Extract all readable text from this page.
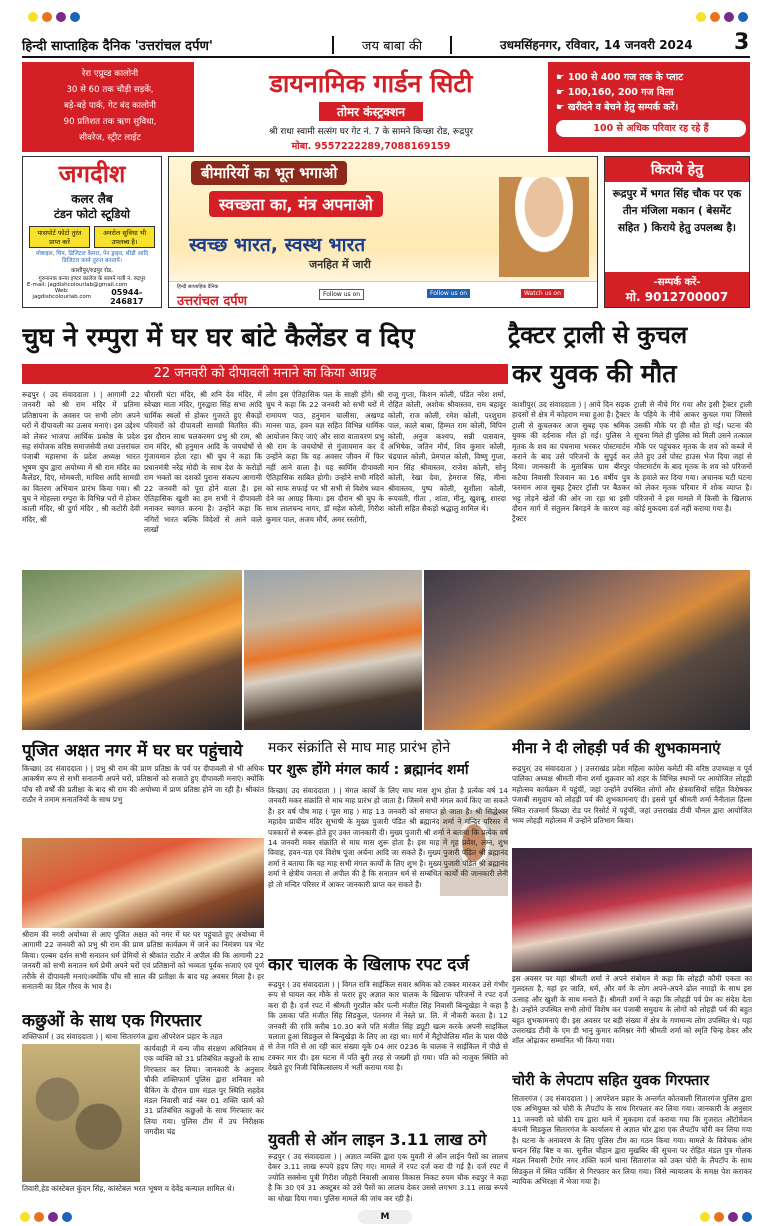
हिन्दी साप्ताहिक दैनिक 'उत्तरांचल दर्पण'	जय बाबा की	उधमसिंहनगर, रविवार, 14 जनवरी 2024 3
रेरा एप्रूव्ड कालोनी
30 से 60 तक चौड़ी सड़कें,
बड़े-बड़े पार्क, गेट बंद कालोनी
90 प्रतिशत तक ऋण सुविधा,
सीवरेज, स्ट्रीट लाईट
डायनामिक गार्डन सिटी
तोमर कंस्ट्रक्शन
श्री राधा स्वामी सत्संग घर गेट नं. 7 के सामने किच्छा रोड, रूद्रपुर
मोबा. 9557222289,7088169159
☛ 100 से 400 गज तक के प्लाट
☛ 100,160, 200 गज विला
☛ खरीदने व बेचने हेतु सम्पर्क करें।
100 से अधिक परिवार रह रहे हैं
जगदीश
कलर लैब
टंडन फोटो स्टूडियो
पासपोर्ट फोटो तुरंत प्राप्त करें
अनरोल सुविधा भी उपलब्ध है।
मोबाइल, चिप, डिजिटल कैमरा, पेन ड्राइव, सीडी आदि डिजिटल फार्म तुरन्त बनवायें।
काशीपुर/रुद्रपुर रोड,
गुरुनानक कन्या इण्टर कालेज के सामने गली नं. रुद्रपुर
E-mail: jagdishcolourlab@gmail.com
Web: jagdishcolourlab.com	05944-246817
बीमारियों का भूत भगाओ
स्वच्छता का, मंत्र अपनाओ
स्वच्छ भारत, स्वस्थ भारत
जनहित में जारी
हिन्दी साप्ताहिक दैनिक
उत्तरांचल दर्पण	Follow us on	Follow us on	Watch us on
किराये हेतु
रूद्रपुर में भगत सिंह चौक पर एक तीन मंजिला मकान ( बेसमेंट सहित ) किराये हेतु उपलब्ध है।
-सम्पर्क करें-
मो. 9012700007
चुघ ने रम्पुरा में घर घर बांटे कैलेंडर व दिए
22 जनवरी को दीपावली मनाने का किया आग्रह
ट्रैक्टर ट्राली से कुचल
कर युवक की मौत
रूद्रपुर ( उद संवाददाता ) | आगामी 22 जनवरी को श्री राम मंदिर में प्रतिमा प्रतिष्ठापना के अवसर पर सभी लोग अपने घरों में दीपावली का उत्सव मनाएं। इस उद्देश्य को लेकर भाजपा आर्थिक प्रकोष्ठ के प्रदेश सह संयोजक वरिष्ठ समाजसेवी तथा उत्तरांचल पंजाबी महासभा के प्रदेश अध्यक्ष भारत भूषण चुघ द्वारा अयोध्या में श्री राम मंदिर का कैलेंडर, दिए, मोमबत्ती, माचिस आदि सामग्री का वितरण अभियान प्रारंभ किया गया। श्री चुघ ने मोहल्ला रम्पुरा के विभिन्न घरों में होकर काली मंदिर, श्री दुर्गा मंदिर , श्री कटोरी देवी मंदिर, श्री
चौरासी घंटा मंदिर, श्री शनि देव मंदिर, में स्वेच्छा माता मंदिर, गुरुद्वारा सिंह सभा आदि धार्मिक स्थलों से होकर गुजरते हुए सैकड़ों परिवारों को दीपावली सामग्री वितरित की। इस दौरान साथ चलकरमग प्रभु श्री राम, श्री राम मंदिर, श्री हनुमान आदि के जयघोषों से गुंजायमान होता रहा। श्री चुघ ने कहा कि प्रधानमंत्री नरेंद्र मोदी के साथ देश के करोड़ों राम भक्तों का दशकों पुराना संकल्प आगामी 22 जनवरी को पूरा होने वाला है। इस ऐतिहासिक खुशी का हम सभी ने दीपावली मनाकर स्वागत करना है। उन्होंने कहा कि नगिरों भारत बल्कि विदेशों से आने वाले लाखों
लोग इस ऐतिहासिक पल के साक्षी होंगे। श्री चुघ ने कहा कि 22 जनवरी को सभी घरों में रामायण पाठ, हनुमान चालीसा, अखण्ड मानस पाठ, हवन यज्ञ सहित विभिन्न धार्मिक आयोजन किए जाएं और सारा वातावरण प्रभु श्री राम के जयघोषों से गुंजायमान कर दें उन्होंने कहा कि यह अवसर जीवन में फिर नहीं आने वाला है। यह स्वर्णिम दीपावली ऐतिहासिक साबित होगी। उन्होंने सभी मंदिरों को साफ सफाई पर भी सभी से विशेष ध्यान देने का आग्रह किया। इस दौरान श्री चुघ के साथ लालचन्द नागर, डॉ महेश कोली, गिरीश कुमार पाल, अजय मौर्य, अमर रस्तोगी,
राजू गुप्ता, किशन कोली, पंडित नरेश शर्मा, रोहित कोली, अशोक श्रीवास्तव, राम बहादुर कोली, राज कोली, रमेश कोली, परशुराम पाल, काले बाबा, हिम्मत राम कोली, विपिन कोली, अनुज कश्यप, सन्नी पासवान, अभिषेक, जतिन मौर्य, शिव कुमार कोली, चंद्रपाल कोली, प्रेमपाल कोली, विष्णु गुप्ता, मान सिंह श्रीवास्तव, राजेश कोली, सोनू कोली, रेखा देवा, हेमराज सिंह, मीना श्रीवास्तव, पुष्प कोली, सुशीला कोली, रूपवती, गीता , शांता, मीनू, खुशबू, शारदा कोली सहित सैकड़ों श्रद्धालु शामिल थे।
काशीपुर( उद संवाददाता ) | आये दिन सड़क हादसों से क्षेत्र में कोहराम मचा हुआ है। ट्रैक्टर ट्राली से कुचलकर आज सुबह एक श्रमिक युवक की दर्दनाक मौत हो गई। पुलिस ने मृतक के शव का पंचनामा भरकर पोस्टमार्टम कराने के बाद उसे परिजनों के सुपुर्द कर दिया। जानकारी के मुताबिक ग्राम बीरपुर कटैया निवासी रिजवान का 16 वर्षीय पुत्र फरमान आज सुबह ट्रैक्टर ट्रॉली पर बैठकर भट्ट तोड़ने खेतों की ओर जा रहा था इसी दौरान मार्ग में संतुलन बिगड़ने के कारण वह ट्रैक्टर
ट्राली से नीचे गिर गया और इसी ट्रैक्टर ट्राली के पहिये के नीचे आकर कुचल गया जिससे उसकी मौके पर ही मौत हो गई। घटना की सूचना मिले ही पुलिस को मिली उसने तत्काल मौके पर पहुंचकर मृतक के शव को कब्जे में लेते हुए उसे पोस्ट हाउस भेज दिया जहां से पोस्टमार्टम के बाद मृतक के शव को परिजनों के हवाले कर दिया गया। अचानक घटी घटना को लेकर मृतक परिवार में शोक व्याप्त है। परिजनों ने इस मामले में किसी के खिलाफ कोई मुकदमा दर्ज नहीं कराया गया है।
पूजित अक्षत नगर में घर घर पहुंचाये
किच्छा( उद संवाददाता ) | प्रभु श्री राम की प्राण प्रतिष्ठा के पर्व पर दीपावली से भी अधिक आकर्षण रूप से सभी सनातनी अपने घरों, प्रतिष्ठानों को सजाते हुए दीपावली मनाएं। क्योंकि पाँच सौ वर्षों की प्रतीक्षा के बाद श्री राम की अयोध्या में प्राण प्रतिष्ठा होने जा रही है। श्रीकांत राठौर ने तमाम सनातनियों के साथ प्रभु
श्रीराम की नगरी अयोध्या से आए पूजित अक्षत को नगर में घर घर पहुंचाते हुए अयोध्या में आगामी 22 जनवरी को प्रभु श्री राम की प्राण प्रतिष्ठा कार्यक्रम में जाने का निमंत्रण पत्र भेंट किया। एल्बम दर्शन सभी सनातन धर्म प्रेमियों से श्रीकांत राठौर ने अपील की कि आगामी 22 जनवरी को सभी सनातन धर्म प्रेमी अपने घरों एवं प्रतिष्ठानों को भव्यता पूर्वक सजाएं एवं पूर्ण तरीके से दीपावली मनाएं।क्योंकि पाँच सौ साल की प्रतीक्षा के बाद यह अवसर मिला है। हर सनातनी का दिल गौरव के भाव है।
कछुओं के साथ एक गिरफ्तार
शक्तिफार्म ( उद संवाददाता ) | थाना सितारगंज द्वारा ऑपरेशन प्रहार के तहत
कार्यवाही में वन्य जीव संरक्षण अधिनियम में एक व्यक्ति को 31 प्रतिबंधित कछुओं के साथ गिरफ्तार कर लिया। जानकारी के अनुसार चौकी शक्तिफार्म पुलिस द्वारा शनिवार को चैकिंग के दौरान ग्राम मंडल पुर स्थिति सहदेव मंडल निवासी वार्ड नंबर 01 शक्ति फार्म को 31 प्रतिबंधित कछुओं के साथ गिरफ्तार कर लिया गया। पुलिस टीम में उप निरीक्षक जगदीश चंद्र
तिवारी,हेड कांस्टेबल कुंदन सिंह, कांस्टेबल भरत भूषण व देवेंद्र कन्याल शामिल थे।
मकर संक्रांति से माघ माह प्रारंभ होने
पर शुरू होंगे मंगल कार्य : ब्रह्मानंद शर्मा
किच्छा( उद संवाददाता ) | मंगल कार्यों के लिए माघ मास शुभ होता है प्रत्येक वर्ष 14 जनवरी मकर संक्रांति से माघ माह प्रारंभ हो जाता है। जिसमें सभी मंगल कार्य किए जा सकते हैं। हर वर्ष पौष माह ( पूस माह ) माह 13 जनवरी को समाप्त हो जाता है। श्री सिद्धेश्वर महादेव प्राचीन मंदिर सुभाषी के मुख्य पुजारी पंडित श्री ब्रह्मानंद शर्मा ने मन्दिर परिसर में पत्रकारों से रूबरू होते हुए उक्त जानकारी दी। मुख्य पुजारी श्री शर्मा ने बताया कि प्रत्येक वर्ष 14 जनवरी मकर संक्रांति से माघ मास शुरू होता है। इस माह में गृह प्रवेश, लग्न, शुभ विवाह, हवन-यज्ञ एवं विशेष पूजा अर्चना आदि जा सकते हैं। मुख्य पुजारी पंडित श्री ब्रह्मानंद शर्मा ने बताया कि यह माह सभी मंगल कार्यों के लिए शुभ है। मुख्य पुजारी पंडित श्री ब्रह्मानंद शर्मा ने क्षेत्रीय जनता से अपील की है कि सनातन धर्म से सम्बंधित कार्यों की जानकारी लेनी हो तो मन्दिर परिसर में आकर जानकारी प्राप्त कर सकते हैं।
कार चालक के खिलाफ रपट दर्ज
रूद्रपुर ( उद संवाददाता ) | विगत रात्रि साईकिल सवार श्रमिक को टक्कर मारकर उसे गंभीर रूप से घायल कर मौके से फरार हुए अज्ञात कार चालक के खिलाफ परिजनों ने रपट दर्ज करा दी है। दर्ज रपट में श्रीमती गुरप्रीत कौर पत्नी मंजीत सिंह निवासी बिन्दुखेड़ा ने कहा है कि उसका पति मंजीत सिंह सिडकुल, पंतनगर में नेस्ले प्रा. लि. में नौकरी करता है। 12 जनवरी की रात्रि करीब 10.30 बजे पति मंजीत सिंह ड्यूटी खत्म करके अपनी साइकिल चलाता हुआ सिडकुल से बिन्दुखेड़ा के लिए आ रहा था। मार्ग में मैट्रोपोलिस मॉल के पास पीछे से तेज गति से आ रही कार संख्या यूके 04 आर 0236 के चालक ने साईकिल में पीछे से टक्कर मार दी। इस घटना में पति बुरी तरह से जख्मी हो गया। पति को नाजुक स्थिति को देखते हुए निजी चिकित्सालय में भर्ती कराया गया है।
युवती से ऑन लाइन 3.11 लाख ठगे
रूद्रपुर ( उद संवाददाता ) | अज्ञात व्यक्ति द्वारा एक युवती से ऑन लाईन पैसों का लालच देकर 3.11 लाख रूपये हड़प लिए गए। मामले में रपट दर्ज करा दी गई है। दर्ज रपट में ज्योति सक्सेना पुत्री गिरीश जौहरी निवासी आवास विकास निकट रुपम चौक रुद्रपुर ने कहा है कि 30 एवं 31 अक्टूबर को उसे पैसों का लालच देकर उससे लगभग 3.11 लाख रूपये का धोखा दिया गया। पुलिस मामले की जांच कर रही है।
मीना ने दी लोहड़ी पर्व की शुभकामनाएं
रूद्रपुर( उद संवाददाता ) | उत्तराखंड प्रदेश महिला कांग्रेस कमेटी की वरिष्ठ उपाध्यक्ष व पूर्व पालिका अध्यक्ष श्रीमती मीना शर्मा शुक्रवार को शहर के विभिन्न स्थानों पर आयोजित लोहड़ी महोत्सव कार्यक्रम में पहुंचीं, जहां उन्होंने उपस्थित लोगों और क्षेत्रवासियों सहित विशेषकर पंजाबी समुदाय को लोहड़ी पर्व की शुभकामनाएं दी। इससे पूर्व श्रीमती शर्मा नैनीताल हिल्स स्थित राजमार्ग किच्छा रोड पर रिसोर्ट में पहुंचीं, जहां उत्तराखंड टीवी चौनल द्वारा आयोजित भव्य लोहड़ी महोत्सव में उन्होंने प्रतिभाग किया।
इस अवसर पर यहां श्रीमती शर्मा ने अपने संबोधन में कहा कि लोहड़ी कौमी एकता का गुलदस्ता है, यहां हर जाति, धर्म, और वर्ग के लोग अपने-अपने ढोल नगाड़ों के साथ इस उत्साह और खुशी के साथ मनाते हैं। श्रीमती शर्मा ने कहा कि लोहड़ी पर्व प्रेम का संदेश देता है। उन्होंने उपस्थित सभी लोगों विशेष कर पंजाबी समुदाय के लोगों को लोहड़ी पर्व की बहुत बहुत शुभकामनाएं दी। इस अवसर पर बड़ी संख्या में क्षेत्र के गणमान्य लोग उपस्थित थे। यहां उत्तराखंड टीवी के एम डी भानु कुमार कमिश्नर नेगी श्रीमती शर्मा को स्मृति चिन्ह देकर और शॉल ओढ़ाकर सम्मानित भी किया गया।
चोरी के लेपटाप सहित युवक गिरफ्तार
सितारगंज ( उद संवाददाता ) | आपरेशन प्रहार के अन्तर्गत कोतवाली सितारगंज पुलिस द्वारा एक अभियुक्त को चोरी के लैपटॉप के साथ गिरफ्तार कर लिया गया। जानकारी के अनुसार 11 जनवरी को चोकी राय द्वारा थाने में मुकदमा दर्ज कराया गया कि गुजरात ऑटोमेशन कंपनी सिडकुल सितारगंज के कार्यालय से अज्ञात चोर द्वारा एक लैपटॉप चोरी कर लिया गया है। घटना के अनावरण के लिए पुलिस टीम का गठन किया गया। मामले के विवेचक ओम चन्दन सिंह बिष्ट व का. सुनील चौहान द्वारा मुखबिर की सूचना पर रोहित मंडल पुत्र गोलक मंडल निवासी टैगोर नगर शक्ति फार्म थाना सितारगंज को उक्त चोरी के लैपटॉप के साथ सिडकुल में स्थित पार्किंग से गिरफ्तार कर लिया गया। जिसे न्यायालय के समक्ष पेश कराकर न्यायिक अभिरक्षा में भेजा गया है।
M
